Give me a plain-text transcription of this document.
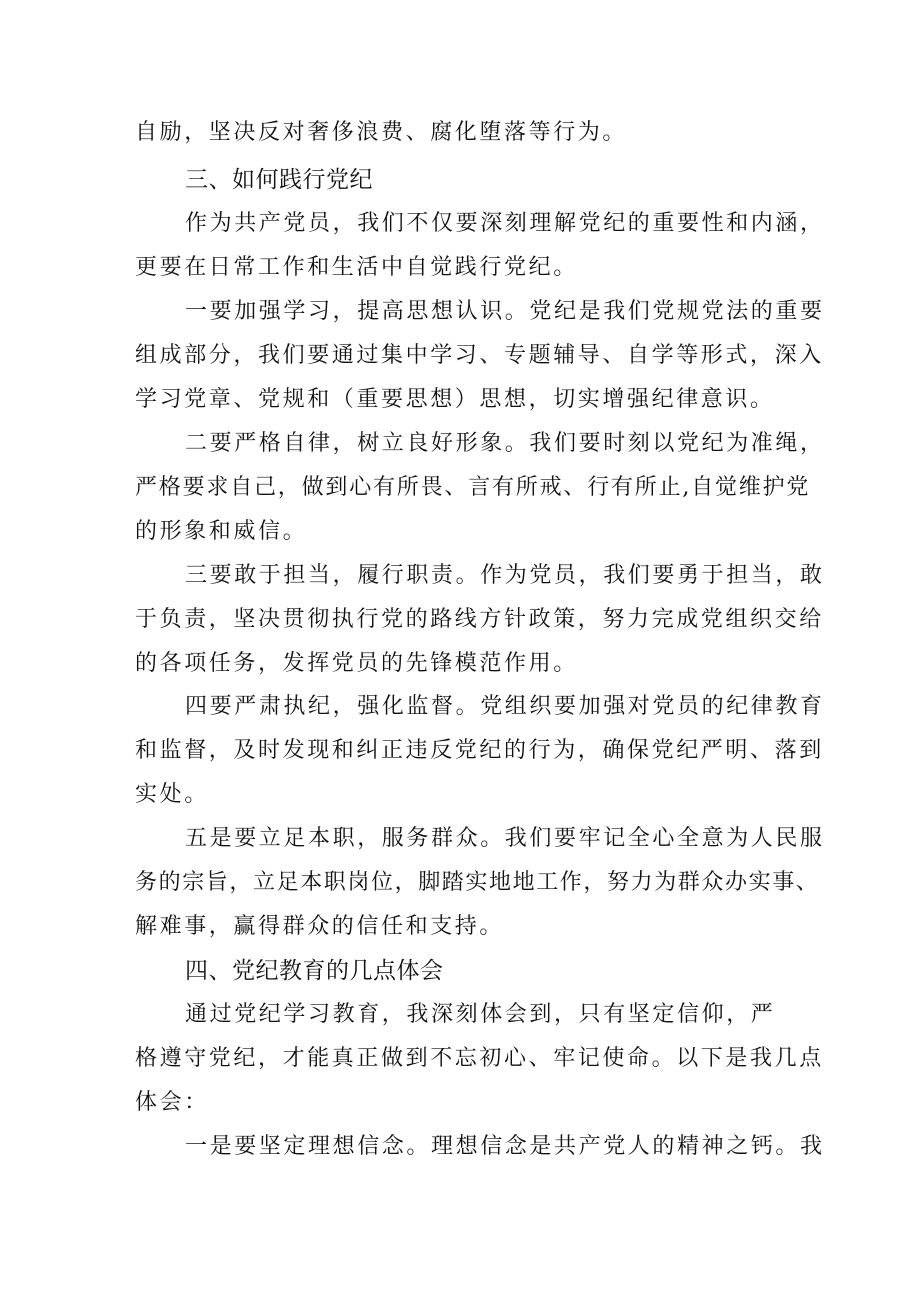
自励，坚决反对奢侈浪费、腐化堕落等行为。
三、如何践行党纪
作为共产党员，我们不仅要深刻理解党纪的重要性和内涵，
更要在日常工作和生活中自觉践行党纪。
一要加强学习，提高思想认识。党纪是我们党规党法的重要
组成部分，我们要通过集中学习、专题辅导、自学等形式，深入
学习党章、党规和（重要思想）思想，切实增强纪律意识。
二要严格自律，树立良好形象。我们要时刻以党纪为准绳，
严格要求自己，做到心有所畏、言有所戒、行有所止,自觉维护党
的形象和威信。
三要敢于担当，履行职责。作为党员，我们要勇于担当，敢
于负责，坚决贯彻执行党的路线方针政策，努力完成党组织交给
的各项任务，发挥党员的先锋模范作用。
四要严肃执纪，强化监督。党组织要加强对党员的纪律教育
和监督，及时发现和纠正违反党纪的行为，确保党纪严明、落到
实处。
五是要立足本职，服务群众。我们要牢记全心全意为人民服
务的宗旨，立足本职岗位，脚踏实地地工作，努力为群众办实事、
解难事，赢得群众的信任和支持。
四、党纪教育的几点体会
通过党纪学习教育，我深刻体会到，只有坚定信仰，严
格遵守党纪，才能真正做到不忘初心、牢记使命。以下是我几点
体会：
一是要坚定理想信念。理想信念是共产党人的精神之钙。我
